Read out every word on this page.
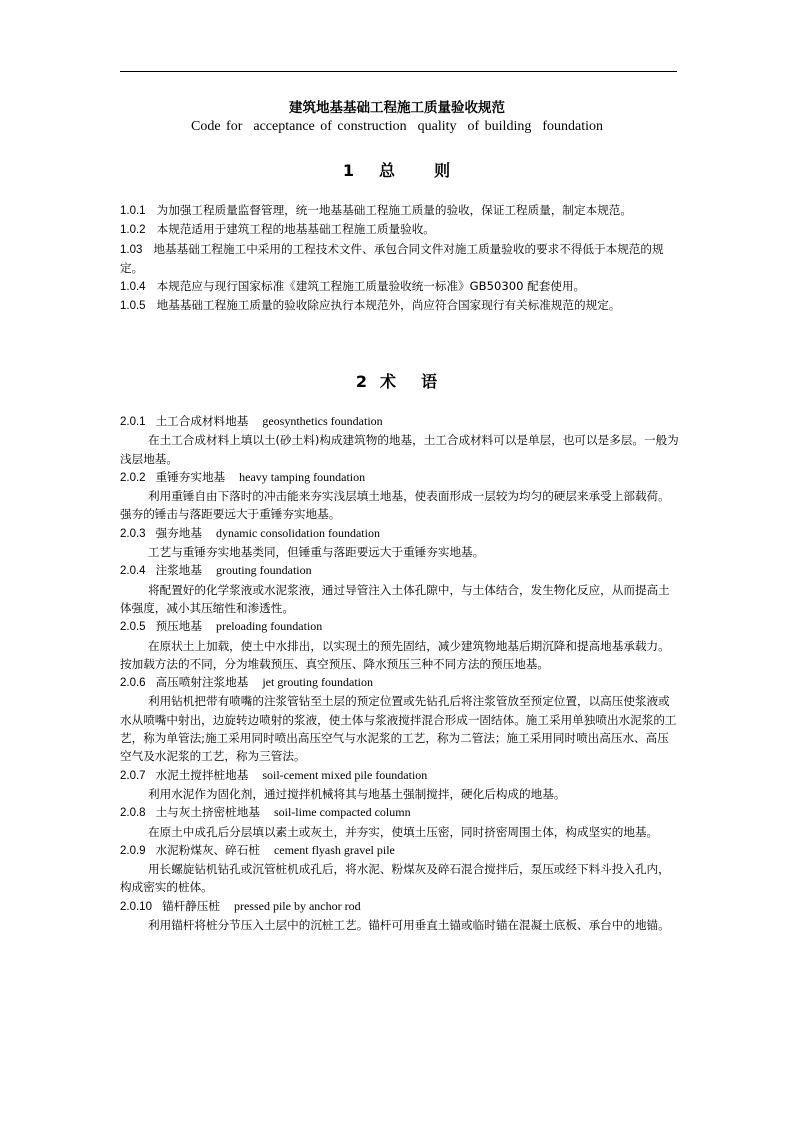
建筑地基基础工程施工质量验收规范
Code for  acceptance of construction  quality  of building  foundation
1 总 则

1.0.1 为加强工程质量监督管理，统一地基基础工程施工质量的验收，保证工程质量，制定本规范。

1.0.2 本规范适用于建筑工程的地基基础工程施工质量验收。

1.03 地基基础工程施工中采用的工程技术文件、承包合同文件对施工质量验收的要求不得低于本规范的规定。

1.0.4 本规范应与现行国家标准《建筑工程施工质量验收统一标准》GB50300 配套使用。

1.0.5 地基基础工程施工质量的验收除应执行本规范外，尚应符合国家现行有关标准规范的规定。

2 术 语

2.0.1 土工合成材料地基 geosynthetics foundation

在土工合成材料上填以土(砂土料)构成建筑物的地基，土工合成材料可以是单层，也可以是多层。一般为浅层地基。

2.0.2 重锤夯实地基 heavy tamping foundation

利用重锤自由下落时的冲击能来夯实浅层填土地基，使表面形成一层较为均匀的硬层来承受上部载荷。强夯的锤击与落距要远大于重锤夯实地基。

2.0.3 强夯地基 dynamic consolidation foundation

工艺与重锤夯实地基类同，但锤重与落距要远大于重锤夯实地基。

2.0.4 注浆地基 grouting foundation

将配置好的化学浆液或水泥浆液，通过导管注入土体孔隙中，与土体结合，发生物化反应，从而提高土体强度，减小其压缩性和渗透性。

2.0.5 预压地基 preloading foundation

在原状土上加载，使土中水排出，以实现土的预先固结，减少建筑物地基后期沉降和提高地基承载力。按加载方法的不同，分为堆载预压、真空预压、降水预压三种不同方法的预压地基。

2.0.6 高压喷射注浆地基 jet grouting foundation

利用钻机把带有喷嘴的注浆管钻至土层的预定位置或先钻孔后将注浆管放至预定位置，以高压使浆液或水从喷嘴中射出，边旋转边喷射的浆液，使土体与浆液搅拌混合形成一固结体。施工采用单独喷出水泥浆的工艺，称为单管法;施工采用同时喷出高压空气与水泥浆的工艺，称为二管法；施工采用同时喷出高压水、高压空气及水泥浆的工艺，称为三管法。

2.0.7 水泥土搅拌桩地基 soil-cement mixed pile foundation

利用水泥作为固化剂，通过搅拌机械将其与地基土强制搅拌，硬化后构成的地基。

2.0.8 土与灰土挤密桩地基 soil-lime compacted column

在原土中成孔后分层填以素土或灰土，并夯实，使填土压密，同时挤密周围土体，构成坚实的地基。

2.0.9 水泥粉煤灰、碎石桩 cement flyash gravel pile

用长螺旋钻机钻孔或沉管桩机成孔后，将水泥、粉煤灰及碎石混合搅拌后，泵压或经下料斗投入孔内，构成密实的桩体。

2.0.10 锚杆静压桩 pressed pile by anchor rod

利用锚杆将桩分节压入土层中的沉桩工艺。锚杆可用垂直土锚或临时锚在混凝土底板、承台中的地锚。
